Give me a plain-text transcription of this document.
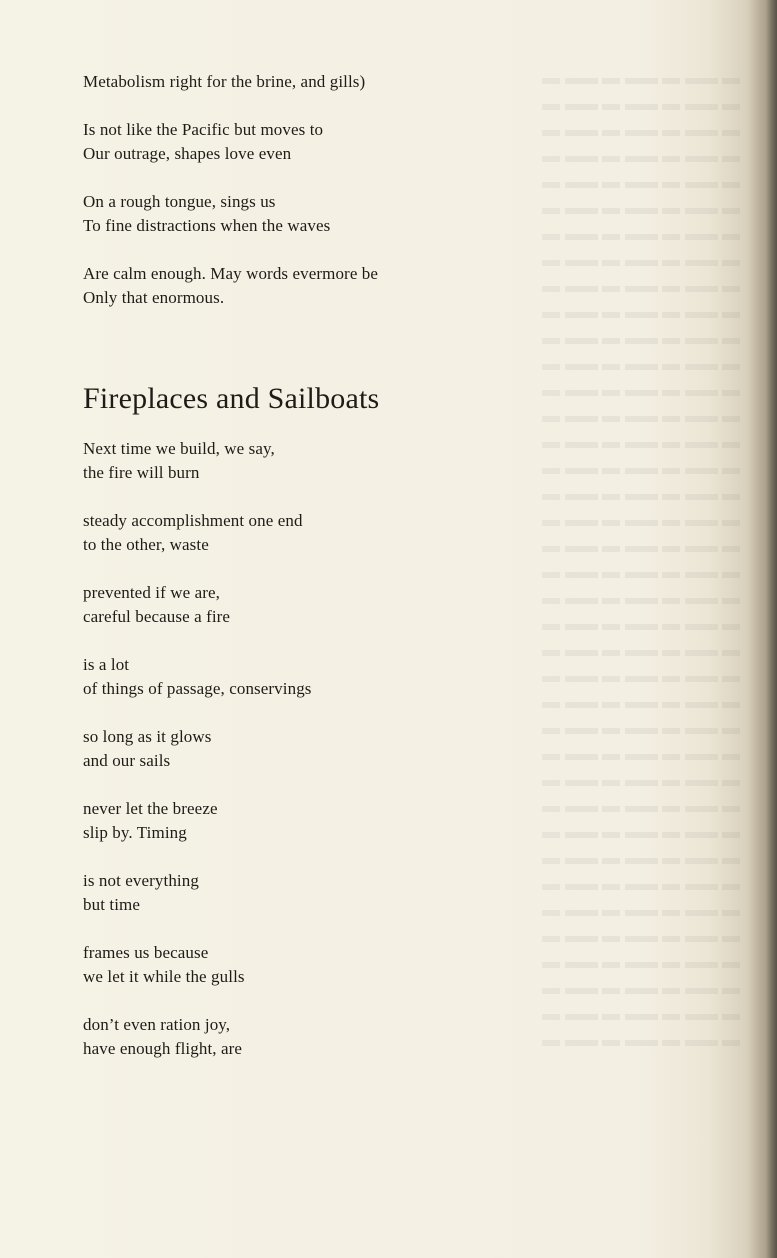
Metabolism right for the brine, and gills)
Is not like the Pacific but moves to
Our outrage, shapes love even
On a rough tongue, sings us
To fine distractions when the waves
Are calm enough. May words evermore be
Only that enormous.
Fireplaces and Sailboats
Next time we build, we say,
the fire will burn
steady accomplishment one end
to the other, waste
prevented if we are,
careful because a fire
is a lot
of things of passage, conservings
so long as it glows
and our sails
never let the breeze
slip by. Timing
is not everything
but time
frames us because
we let it while the gulls
don’t even ration joy,
have enough flight, are
